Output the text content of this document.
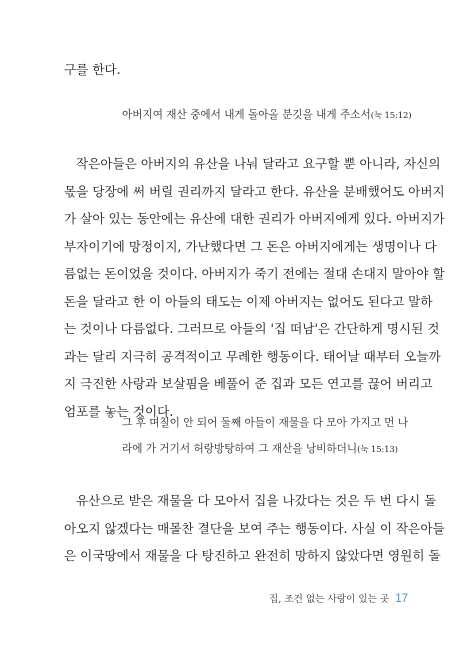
구를 한다.
아버지여 재산 중에서 내게 돌아올 분깃을 내게 주소서(눅 15:12)
작은아들은 아버지의 유산을 나눠 달라고 요구할 뿐 아니라, 자신의
몫을 당장에 써 버릴 권리까지 달라고 한다. 유산을 분배했어도 아버지
가 살아 있는 동안에는 유산에 대한 권리가 아버지에게 있다. 아버지가
부자이기에 망정이지, 가난했다면 그 돈은 아버지에게는 생명이나 다
름없는 돈이었을 것이다. 아버지가 죽기 전에는 절대 손대지 말아야 할
돈을 달라고 한 이 아들의 태도는 이제 아버지는 없어도 된다고 말하
는 것이나 다름없다. 그러므로 아들의 '집 떠남'은 간단하게 명시된 것
과는 달리 지극히 공격적이고 무례한 행동이다. 태어날 때부터 오늘까
지 극진한 사랑과 보살핌을 베풀어 준 집과 모든 연고를 끊어 버리고
엄포를 놓는 것이다.
그 후 며칠이 안 되어 둘째 아들이 재물을 다 모아 가지고 먼 나
라에 가 거기서 허랑방탕하여 그 재산을 낭비하더니(눅 15:13)
유산으로 받은 재물을 다 모아서 집을 나갔다는 것은 두 번 다시 돌
아오지 않겠다는 매몰찬 결단을 보여 주는 행동이다. 사실 이 작은아들
은 이국땅에서 재물을 다 탕진하고 완전히 망하지 않았다면 영원히 돌
집, 조건 없는 사랑이 있는 곳 17
